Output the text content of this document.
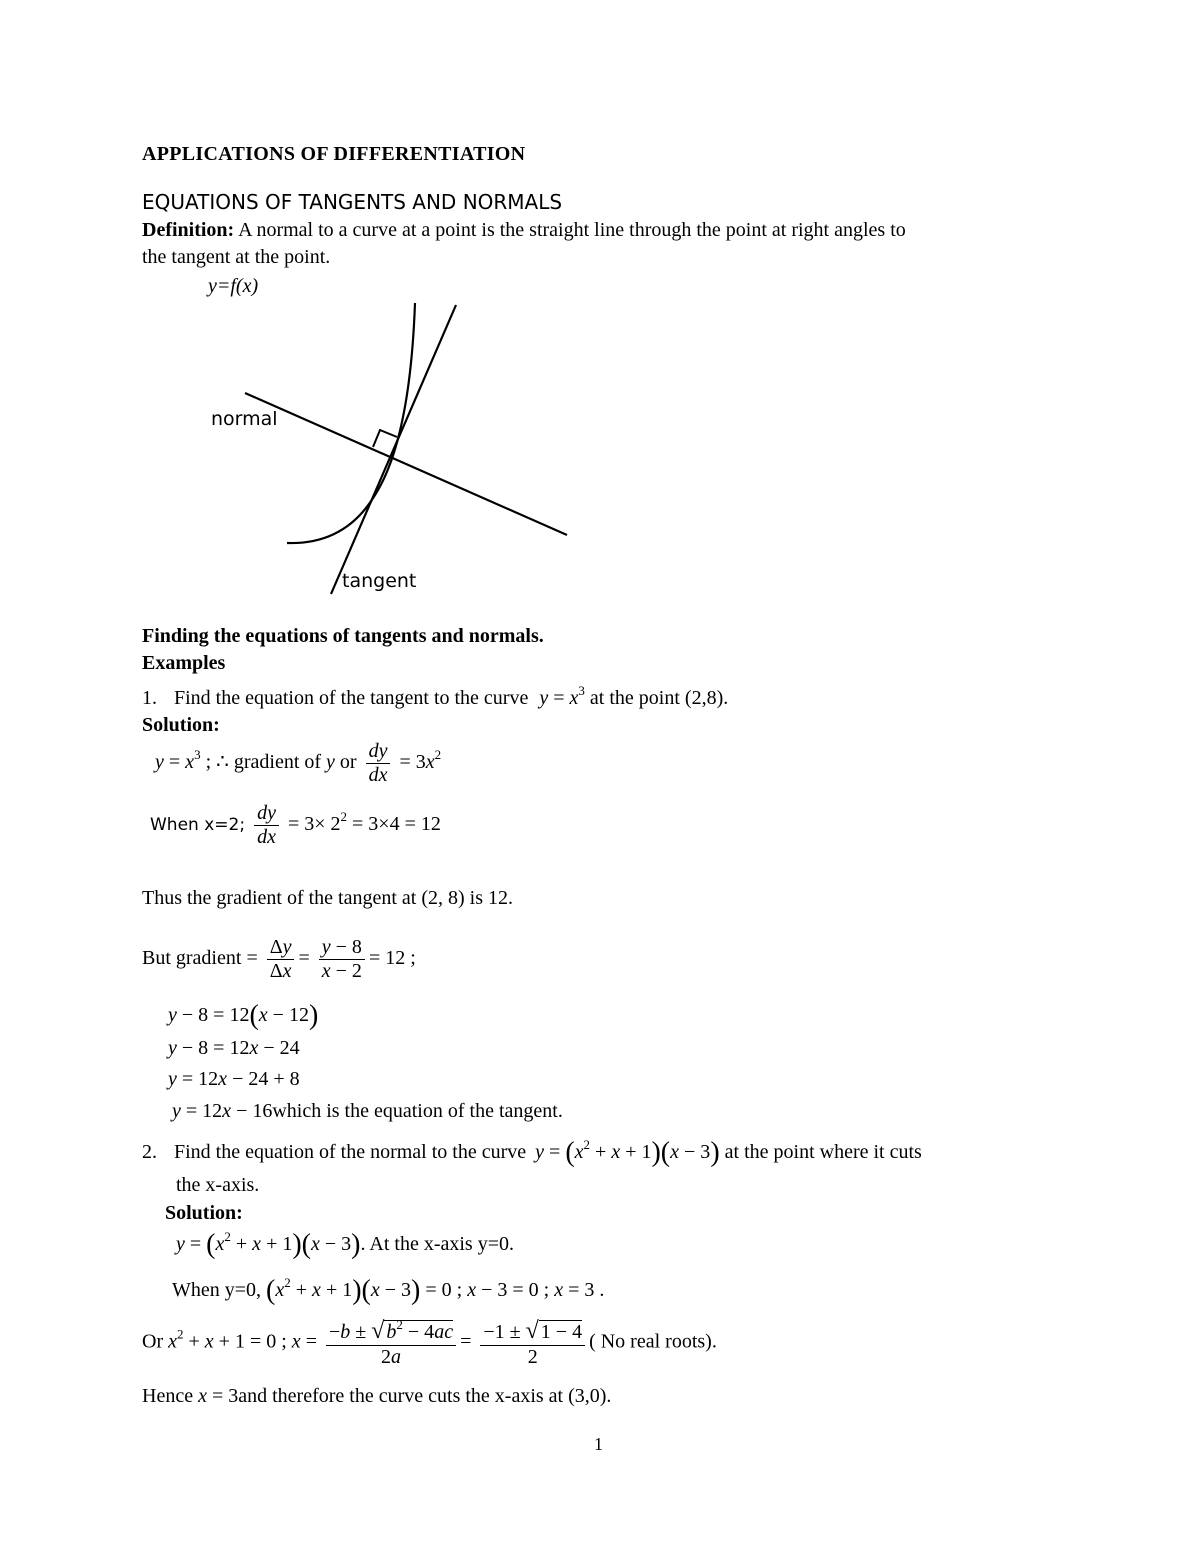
APPLICATIONS OF DIFFERENTIATION
EQUATIONS OF TANGENTS AND NORMALS
Definition: A normal to a curve at a point is the straight line through the point at right angles to
the tangent at the point.
y=f(x)
normal
tangent
Finding the equations of tangents and normals.
Examples
1. Find the equation of the tangent to the curve $y = x^3$ at the point (2,8).
Solution:
$y = x^3$ ; ∴ gradient of y or $\frac{dy}{dx} = 3x^2$
When x=2; $\frac{dy}{dx} = 3\times 2^2 = 3\times 4 = 12$
Thus the gradient of the tangent at (2, 8) is 12.
But gradient = $\frac{\Delta y}{\Delta x} = \frac{y - 8}{x - 2} = 12$ ;
y − 8 = 12(x − 12)
y − 8 = 12x − 24
y = 12x − 24 + 8
y = 12x − 16which is the equation of the tangent.
2. Find the equation of the normal to the curve $y = (x^2 + x + 1)(x - 3)$ at the point where it cuts
the x-axis.
Solution:
$y = (x^2 + x + 1)(x - 3)$. At the x-axis y=0.
When y=0, $(x^2 + x + 1)(x - 3) = 0$ ; x − 3 = 0 ; x = 3 .
Or $x^2 + x + 1 = 0$ ; $x = \frac{-b \pm √ b^2 - 4ac}{2a} = \frac{-1 \pm √ 1 - 4}{2}$ ( No real roots).
Hence x = 3and therefore the curve cuts the x-axis at (3,0).
1
